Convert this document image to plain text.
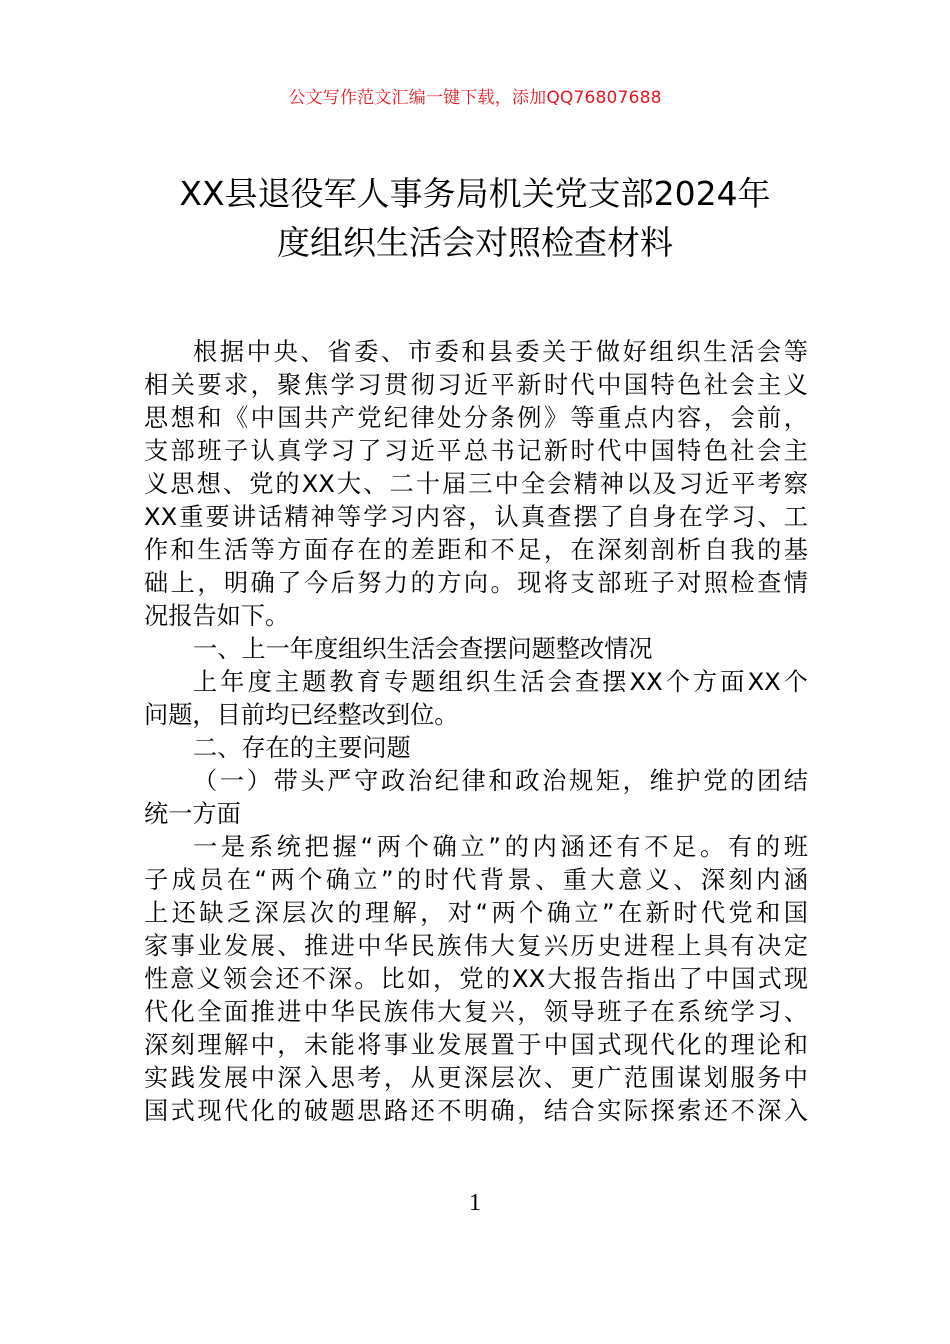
公文写作范文汇编一键下载，添加QQ76807688
XX县退役军人事务局机关党支部2024年
度组织生活会对照检查材料
根据中央、省委、市委和县委关于做好组织生活会等
相关要求，聚焦学习贯彻习近平新时代中国特色社会主义
思想和《中国共产党纪律处分条例》等重点内容，会前，
支部班子认真学习了习近平总书记新时代中国特色社会主
义思想、党的XX大、二十届三中全会精神以及习近平考察
XX重要讲话精神等学习内容，认真查摆了自身在学习、工
作和生活等方面存在的差距和不足，在深刻剖析自我的基
础上，明确了今后努力的方向。现将支部班子对照检查情
况报告如下。
一、上一年度组织生活会查摆问题整改情况
上年度主题教育专题组织生活会查摆XX个方面XX个
问题，目前均已经整改到位。
二、存在的主要问题
（一）带头严守政治纪律和政治规矩，维护党的团结
统一方面
一是系统把握“两个确立”的内涵还有不足。有的班
子成员在“两个确立”的时代背景、重大意义、深刻内涵
上还缺乏深层次的理解，对“两个确立”在新时代党和国
家事业发展、推进中华民族伟大复兴历史进程上具有决定
性意义领会还不深。比如，党的XX大报告指出了中国式现
代化全面推进中华民族伟大复兴，领导班子在系统学习、
深刻理解中，未能将事业发展置于中国式现代化的理论和
实践发展中深入思考，从更深层次、更广范围谋划服务中
国式现代化的破题思路还不明确，结合实际探索还不深入
1
